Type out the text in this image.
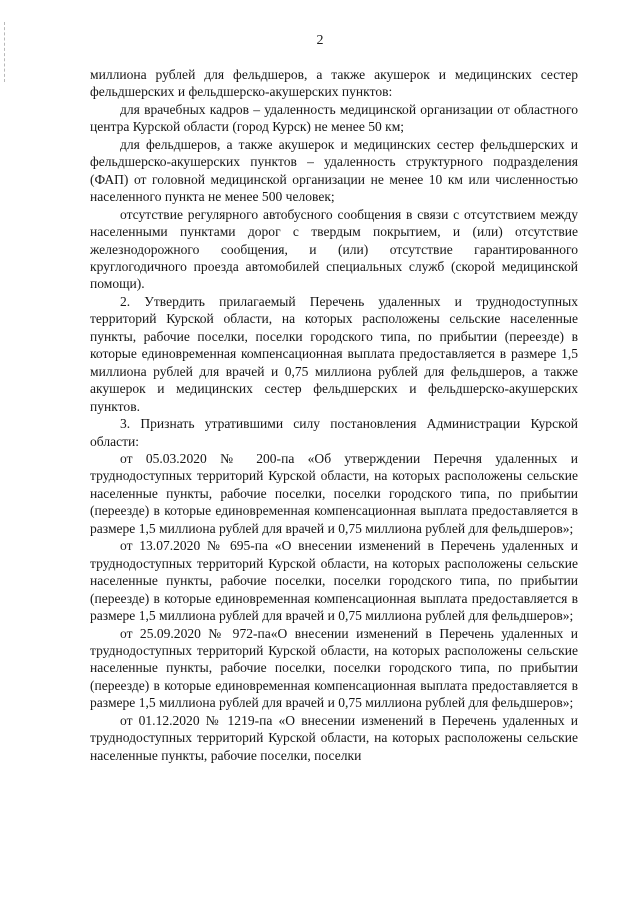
2

миллиона рублей для фельдшеров, а также акушерок и медицинских сестер фельдшерских и фельдшерско-акушерских пунктов:

для врачебных кадров – удаленность медицинской организации от областного центра Курской области (город Курск) не менее 50 км;

для фельдшеров, а также акушерок и медицинских сестер фельдшерских и фельдшерско-акушерских пунктов – удаленность структурного подразделения (ФАП) от головной медицинской организации не менее 10 км или численностью населенного пункта не менее 500 человек;

отсутствие регулярного автобусного сообщения в связи с отсутствием между населенными пунктами дорог с твердым покрытием, и (или) отсутствие железнодорожного сообщения, и (или) отсутствие гарантированного круглогодичного проезда автомобилей специальных служб (скорой медицинской помощи).

2. Утвердить прилагаемый Перечень удаленных и труднодоступных территорий Курской области, на которых расположены сельские населенные пункты, рабочие поселки, поселки городского типа, по прибытии (переезде) в которые единовременная компенсационная выплата предоставляется в размере 1,5 миллиона рублей для врачей и 0,75 миллиона рублей для фельдшеров, а также акушерок и медицинских сестер фельдшерских и фельдшерско-акушерских пунктов.

3. Признать утратившими силу постановления Администрации Курской области:

от 05.03.2020 № 200-па «Об утверждении Перечня удаленных и труднодоступных территорий Курской области, на которых расположены сельские населенные пункты, рабочие поселки, поселки городского типа, по прибытии (переезде) в которые единовременная компенсационная выплата предоставляется в размере 1,5 миллиона рублей для врачей и 0,75 миллиона рублей для фельдшеров»;

от 13.07.2020 № 695-па «О внесении изменений в Перечень удаленных и труднодоступных территорий Курской области, на которых расположены сельские населенные пункты, рабочие поселки, поселки городского типа, по прибытии (переезде) в которые единовременная компенсационная выплата предоставляется в размере 1,5 миллиона рублей для врачей и 0,75 миллиона рублей для фельдшеров»;

от 25.09.2020 № 972-па«О внесении изменений в Перечень удаленных и труднодоступных территорий Курской области, на которых расположены сельские населенные пункты, рабочие поселки, поселки городского типа, по прибытии (переезде) в которые единовременная компенсационная выплата предоставляется в размере 1,5 миллиона рублей для врачей и 0,75 миллиона рублей для фельдшеров»;

от 01.12.2020 № 1219-па «О внесении изменений в Перечень удаленных и труднодоступных территорий Курской области, на которых расположены сельские населенные пункты, рабочие поселки, поселки
